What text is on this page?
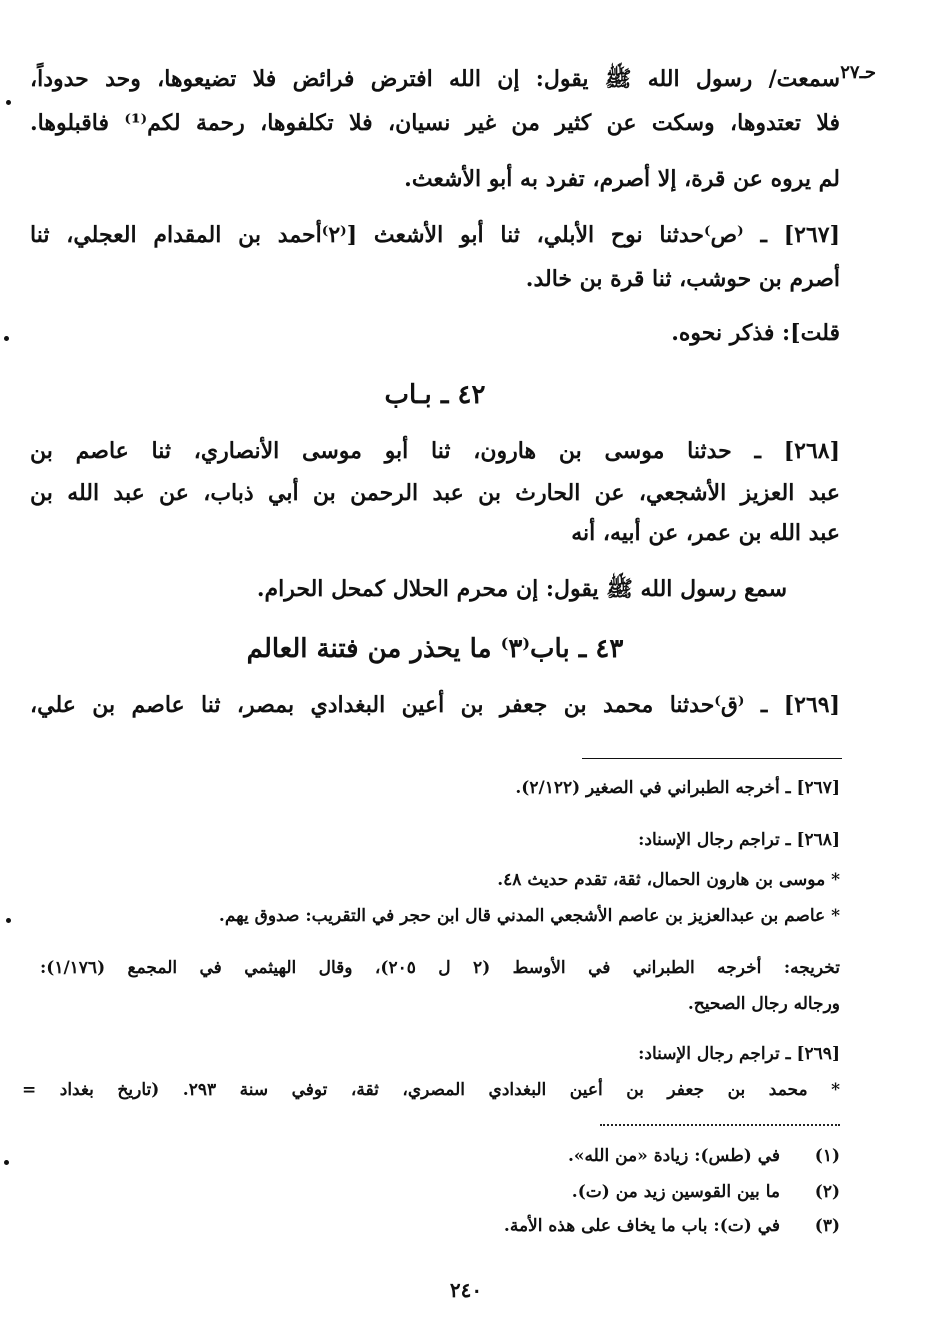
حـ٢٧
سمعت/ رسول الله ﷺ يقول: إن الله افترض فرائض فلا تضيعوها، وحد حدوداً،
فلا تعتدوها، وسكت عن كثير من غير نسيان، فلا تكلفوها، رحمة لكم⁽¹⁾ فاقبلوها.
لم يروه عن قرة، إلا أصرم، تفرد به أبو الأشعث.
[٢٦٧] ـ ⁽ص⁾حدثنا نوح الأبلي، ثنا أبو الأشعث [⁽٢⁾أحمد بن المقدام العجلي، ثنا
أصرم بن حوشب، ثنا قرة بن خالد.
قلت]: فذكر نحوه.
٤٢ ـ بـاب
[٢٦٨] ـ حدثنا موسى بن هارون، ثنا أبو موسى الأنصاري، ثنا عاصم بن
عبد العزيز الأشجعي، عن الحارث بن عبد الرحمن بن أبي ذباب، عن عبد الله بن
عبد الله بن عمر، عن أبيه، أنه
سمع رسول الله ﷺ يقول: إن محرم الحلال كمحل الحرام.
٤٣ ـ باب⁽٣⁾ ما يحذر من فتنة العالم
[٢٦٩] ـ ⁽ق⁾حدثنا محمد بن جعفر بن أعين البغدادي بمصر، ثنا عاصم بن علي،
[٢٦٧] ـ أخرجه الطبراني في الصغير (٢/١٢٢).
[٢٦٨] ـ تراجم رجال الإسناد:
* موسى بن هارون الحمال، ثقة، تقدم حديث ٤٨.
* عاصم بن عبدالعزيز بن عاصم الأشجعي المدني قال ابن حجر في التقريب: صدوق يهم.
تخريجه: أخرجه الطبراني في الأوسط (٢ ل ٢٠٥)، وقال الهيثمي في المجمع (١/١٧٦):
ورجاله رجال الصحيح.
[٢٦٩] ـ تراجم رجال الإسناد:
* محمد بن جعفر بن أعين البغدادي المصري، ثقة، توفي سنة ٢٩٣. (تاريخ بغداد =
(١)في (طس): زيادة «من الله».
(٢)ما بين القوسين زيد من (ت).
(٣)في (ت): باب ما يخاف على هذه الأمة.
٢٤٠
